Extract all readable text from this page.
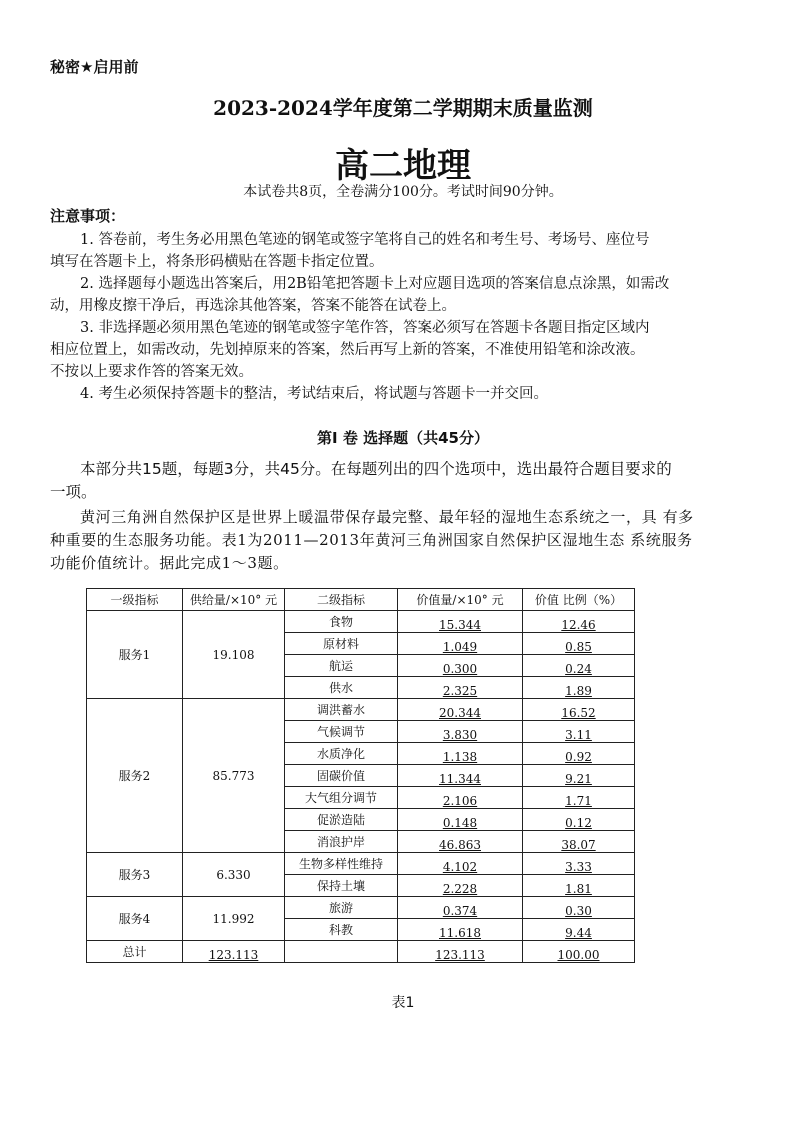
秘密★启用前
2023-2024学年度第二学期期末质量监测
高二地理
本试卷共8页，全卷满分100分。考试时间90分钟。
注意事项：
1. 答卷前，考生务必用黑色笔迹的钢笔或签字笔将自己的姓名和考生号、考场号、座位号
填写在答题卡上，将条形码横贴在答题卡指定位置。
2. 选择题每小题选出答案后，用2B铅笔把答题卡上对应题目选项的答案信息点涂黑，如需改
动，用橡皮擦干净后，再选涂其他答案，答案不能答在试卷上。
3. 非选择题必须用黑色笔迹的钢笔或签字笔作答，答案必须写在答题卡各题目指定区域内
相应位置上，如需改动，先划掉原来的答案，然后再写上新的答案，不准使用铅笔和涂改液。
不按以上要求作答的答案无效。
4. 考生必须保持答题卡的整洁，考试结束后，将试题与答题卡一并交回。
第I 卷 选择题（共45分）
本部分共15题，每题3分，共45分。在每题列出的四个选项中，选出最符合题目要求的
一项。
黄河三角洲自然保护区是世界上暖温带保存最完整、最年轻的湿地生态系统之一，具 有多
种重要的生态服务功能。表1为2011—2013年黄河三角洲国家自然保护区湿地生态 系统服务
功能价值统计。据此完成1～3题。
一级指标	供给量/×10° 元	二级指标	价值量/×10° 元	价值 比例（%）
服务1	19.108	食物	15.344	12.46
		原材料	1.049	0.85
		航运	0.300	0.24
		供水	2.325	1.89
服务2	85.773	调洪蓄水	20.344	16.52
		气候调节	3.830	3.11
		水质净化	1.138	0.92
		固碳价值	11.344	9.21
		大气组分调节	2.106	1.71
		促淤造陆	0.148	0.12
		消浪护岸	46.863	38.07
服务3	6.330	生物多样性维持	4.102	3.33
		保持土壤	2.228	1.81
服务4	11.992	旅游	0.374	0.30
		科教	11.618	9.44
总计	123.113		123.113	100.00
表1
